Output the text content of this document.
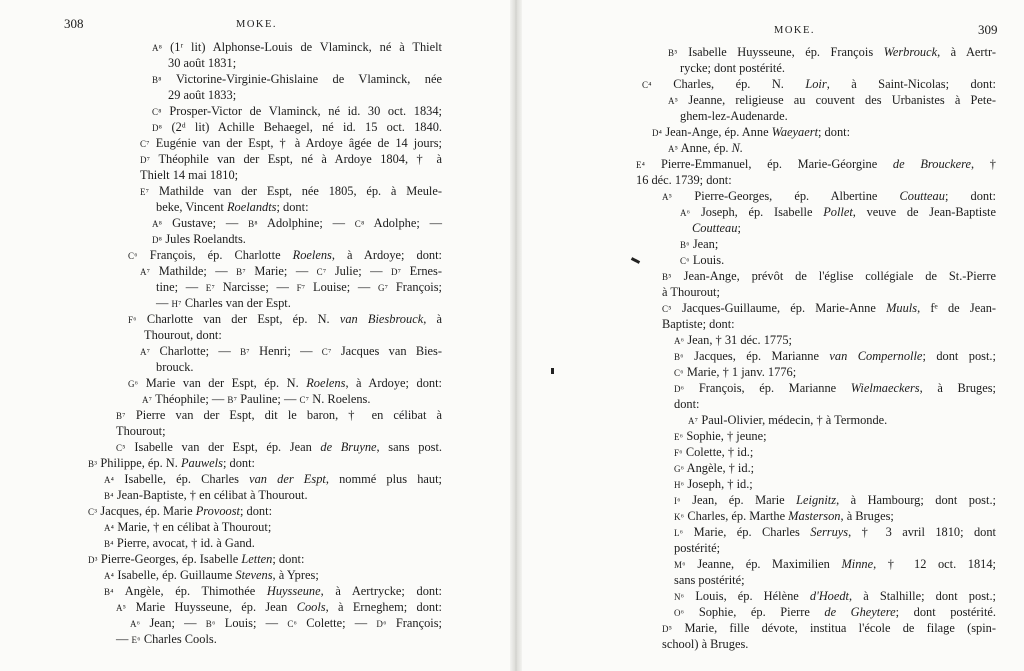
308	MOKE.
A⁸ (1ʳ lit) Alphonse-Louis de Vlaminck, né à Thielt
30 août 1831;
B⁸ Victorine-Virginie-Ghislaine de Vlaminck, née
29 août 1833;
C⁸ Prosper-Victor de Vlaminck, né id. 30 oct. 1834;
D⁸ (2ᵈ lit) Achille Behaegel, né id. 15 oct. 1840.
C⁷ Eugénie van der Espt, † à Ardoye âgée de 14 jours;
D⁷ Théophile van der Espt, né à Ardoye 1804, † à
Thielt 14 mai 1810;
E⁷ Mathilde van der Espt, née 1805, ép. à Meule-
beke, Vincent Roelandts; dont:
A⁸ Gustave; — B⁸ Adolphine; — C⁸ Adolphe; —
D⁸ Jules Roelandts.
C⁶ François, ép. Charlotte Roelens, à Ardoye; dont:
A⁷ Mathilde; — B⁷ Marie; — C⁷ Julie; — D⁷ Ernes-
tine; — E⁷ Narcisse; — F⁷ Louise; — G⁷ François;
— H⁷ Charles van der Espt.
F⁶ Charlotte van der Espt, ép. N. van Biesbrouck, à
Thourout, dont:
A⁷ Charlotte; — B⁷ Henri; — C⁷ Jacques van Bies-
brouck.
G⁶ Marie van der Espt, ép. N. Roelens, à Ardoye; dont:
A⁷ Théophile; — B⁷ Pauline; — C⁷ N. Roelens.
B⁷ Pierre van der Espt, dit le baron, † en célibat à
Thourout;
C⁵ Isabelle van der Espt, ép. Jean de Bruyne, sans post.
B³ Philippe, ép. N. Pauwels; dont:
A⁴ Isabelle, ép. Charles van der Espt, nommé plus haut;
B⁴ Jean-Baptiste, † en célibat à Thourout.
C³ Jacques, ép. Marie Provoost; dont:
A⁴ Marie, † en célibat à Thourout;
B⁴ Pierre, avocat, † id. à Gand.
D³ Pierre-Georges, ép. Isabelle Letten; dont:
A⁴ Isabelle, ép. Guillaume Stevens, à Ypres;
B⁴ Angèle, ép. Thimothée Huysseune, à Aertrycke; dont:
A⁵ Marie Huysseune, ép. Jean Cools, à Erneghem; dont:
A⁶ Jean; — B⁶ Louis; — C⁶ Colette; — D⁶ François;
— E⁶ Charles Cools.
309
MOKE.
B⁵ Isabelle Huysseune, ép. François Werbrouck, à Aertr-
rycke; dont postérité.
C⁴ Charles, ép. N. Loir, à Saint-Nicolas; dont:
A⁵ Jeanne, religieuse au couvent des Urbanistes à Pete-
ghem-lez-Audenarde.
D⁴ Jean-Ange, ép. Anne Waeyaert; dont:
A⁵ Anne, ép. N.
E⁴ Pierre-Emmanuel, ép. Marie-Géorgine de Brouckere, †
16 déc. 1739; dont:
A⁵ Pierre-Georges, ép. Albertine Coutteau; dont:
A⁶ Joseph, ép. Isabelle Pollet, veuve de Jean-Baptiste
Coutteau;
B⁶ Jean;
C⁶ Louis.
B⁵ Jean-Ange, prévôt de l'église collégiale de St.-Pierre
à Thourout;
C⁵ Jacques-Guillaume, ép. Marie-Anne Muuls, fᵉ de Jean-
Baptiste; dont:
A⁶ Jean, † 31 déc. 1775;
B⁶ Jacques, ép. Marianne van Compernolle; dont post.;
C⁶ Marie, † 1 janv. 1776;
D⁶ François, ép. Marianne Wielmaeckers, à Bruges;
dont:
A⁷ Paul-Olivier, médecin, † à Termonde.
E⁶ Sophie, † jeune;
F⁶ Colette, † id.;
G⁶ Angèle, † id.;
H⁶ Joseph, † id.;
I⁶ Jean, ép. Marie Leignitz, à Hambourg; dont post.;
K⁶ Charles, ép. Marthe Masterson, à Bruges;
L⁶ Marie, ép. Charles Serruys, † 3 avril 1810; dont
postérité;
M⁶ Jeanne, ép. Maximilien Minne, † 12 oct. 1814;
sans postérité;
N⁶ Louis, ép. Hélène d'Hoedt, à Stalhille; dont post.;
O⁶ Sophie, ép. Pierre de Gheytere; dont postérité.
D⁵ Marie, fille dévote, institua l'école de filage (spin-
school) à Bruges.
